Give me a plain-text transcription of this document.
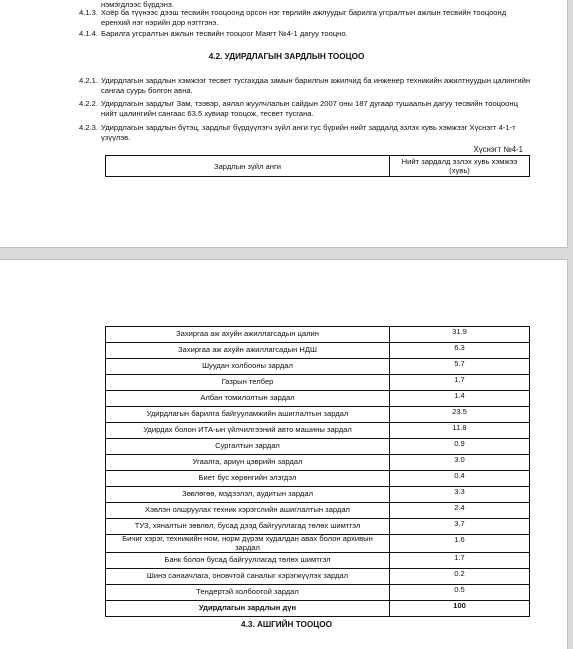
нэмэгдлээс бүрдэнэ.
4.1.3. Хоёр ба түүнээс дээш тесвийн тооцоонд орсон нэг төрлийн ажлуудыг барилга угсралтын ажлын тесвийн тооцоонд еренхий нэг нэрийн дор нэгтгэнэ.
4.1.4. Барилга угсралтын ажлын тесвийн тооцоог Маягт №4-1 дагуу тооцно.
4.2. УДИРДЛАГЫН ЗАРДЛЫН ТООЦОО
4.2.1. Удирдлагын зардлын хэмжээг тесвет тусгахдаа замын барилгын ажилчид ба инженер техникийн ажилтнуудын цалингийн сангаа суурь болгон авна.
4.2.2. Удирдлагын зардлыг Зам, тээвэр, аялал жуулчлалын сайдын 2007 оны 187 дугаар тушаалын дагуу тесвийн тооцоонц нийт цалингийн сангаас 63.5 хувиар тооцож, тесвет тусгана.
4.2.3. Удирдлагын зардлын бүтэц, зардлыг бүрдүүлэгч зүйл анги тус бүрийн нийт зардалд эзлэх хувь хэмжээг Хүснэгт 4-1-т үзүүлэв.
Хүснэгт №4-1
Зардлын зүйл анги	Нийт зардалд эзлэх хувь хэмжээ (хувь)
Захиргаа аж ахуйн ажиллагсадын цалин	31.9
Захиргаа аж ахуйн ажиллагсадын НДШ	6.3
Шуудан холбооны зардал	5.7
Газрын телбер	1.7
Албан томилолтын зардал	1.4
Удирдлагын барилга байгууламжийн ашиглалтын зардал	23.5
Удирдах болон ИТА-ын үйлчилгээний авто машины зардал	11.8
Сургалтын зардал	0.9
Угаалга, ариун цэврийн зардал	3.0
Биет бус хөрөнгийн элэгдэл	0.4
Зөвлөгөө, мэдээлэл, аудитын зардал	3.3
Хэвлэн олшруулах техник хэрэгслийн ашиглалтын зардал	2.4
ТУЗ, хяналтын зөвлөл, бусад дээд байгууллагад төлөх шимтгэл	3.7
Бичиг хэрэг, техникийн ном, норм дүрэм худалдан авах болон архивын зардал	1.6
Банк болон бусад байгууллагад төлөх шимтгэл	1.7
Шинэ санаачлага, оновчтой саналыг хэрэгжүүлэх зардал	0.2
Тендертэй холбоотой зардал	0.5
Удирдлагын зардлын дүн	100
4.3. АШГИЙН ТООЦОО
